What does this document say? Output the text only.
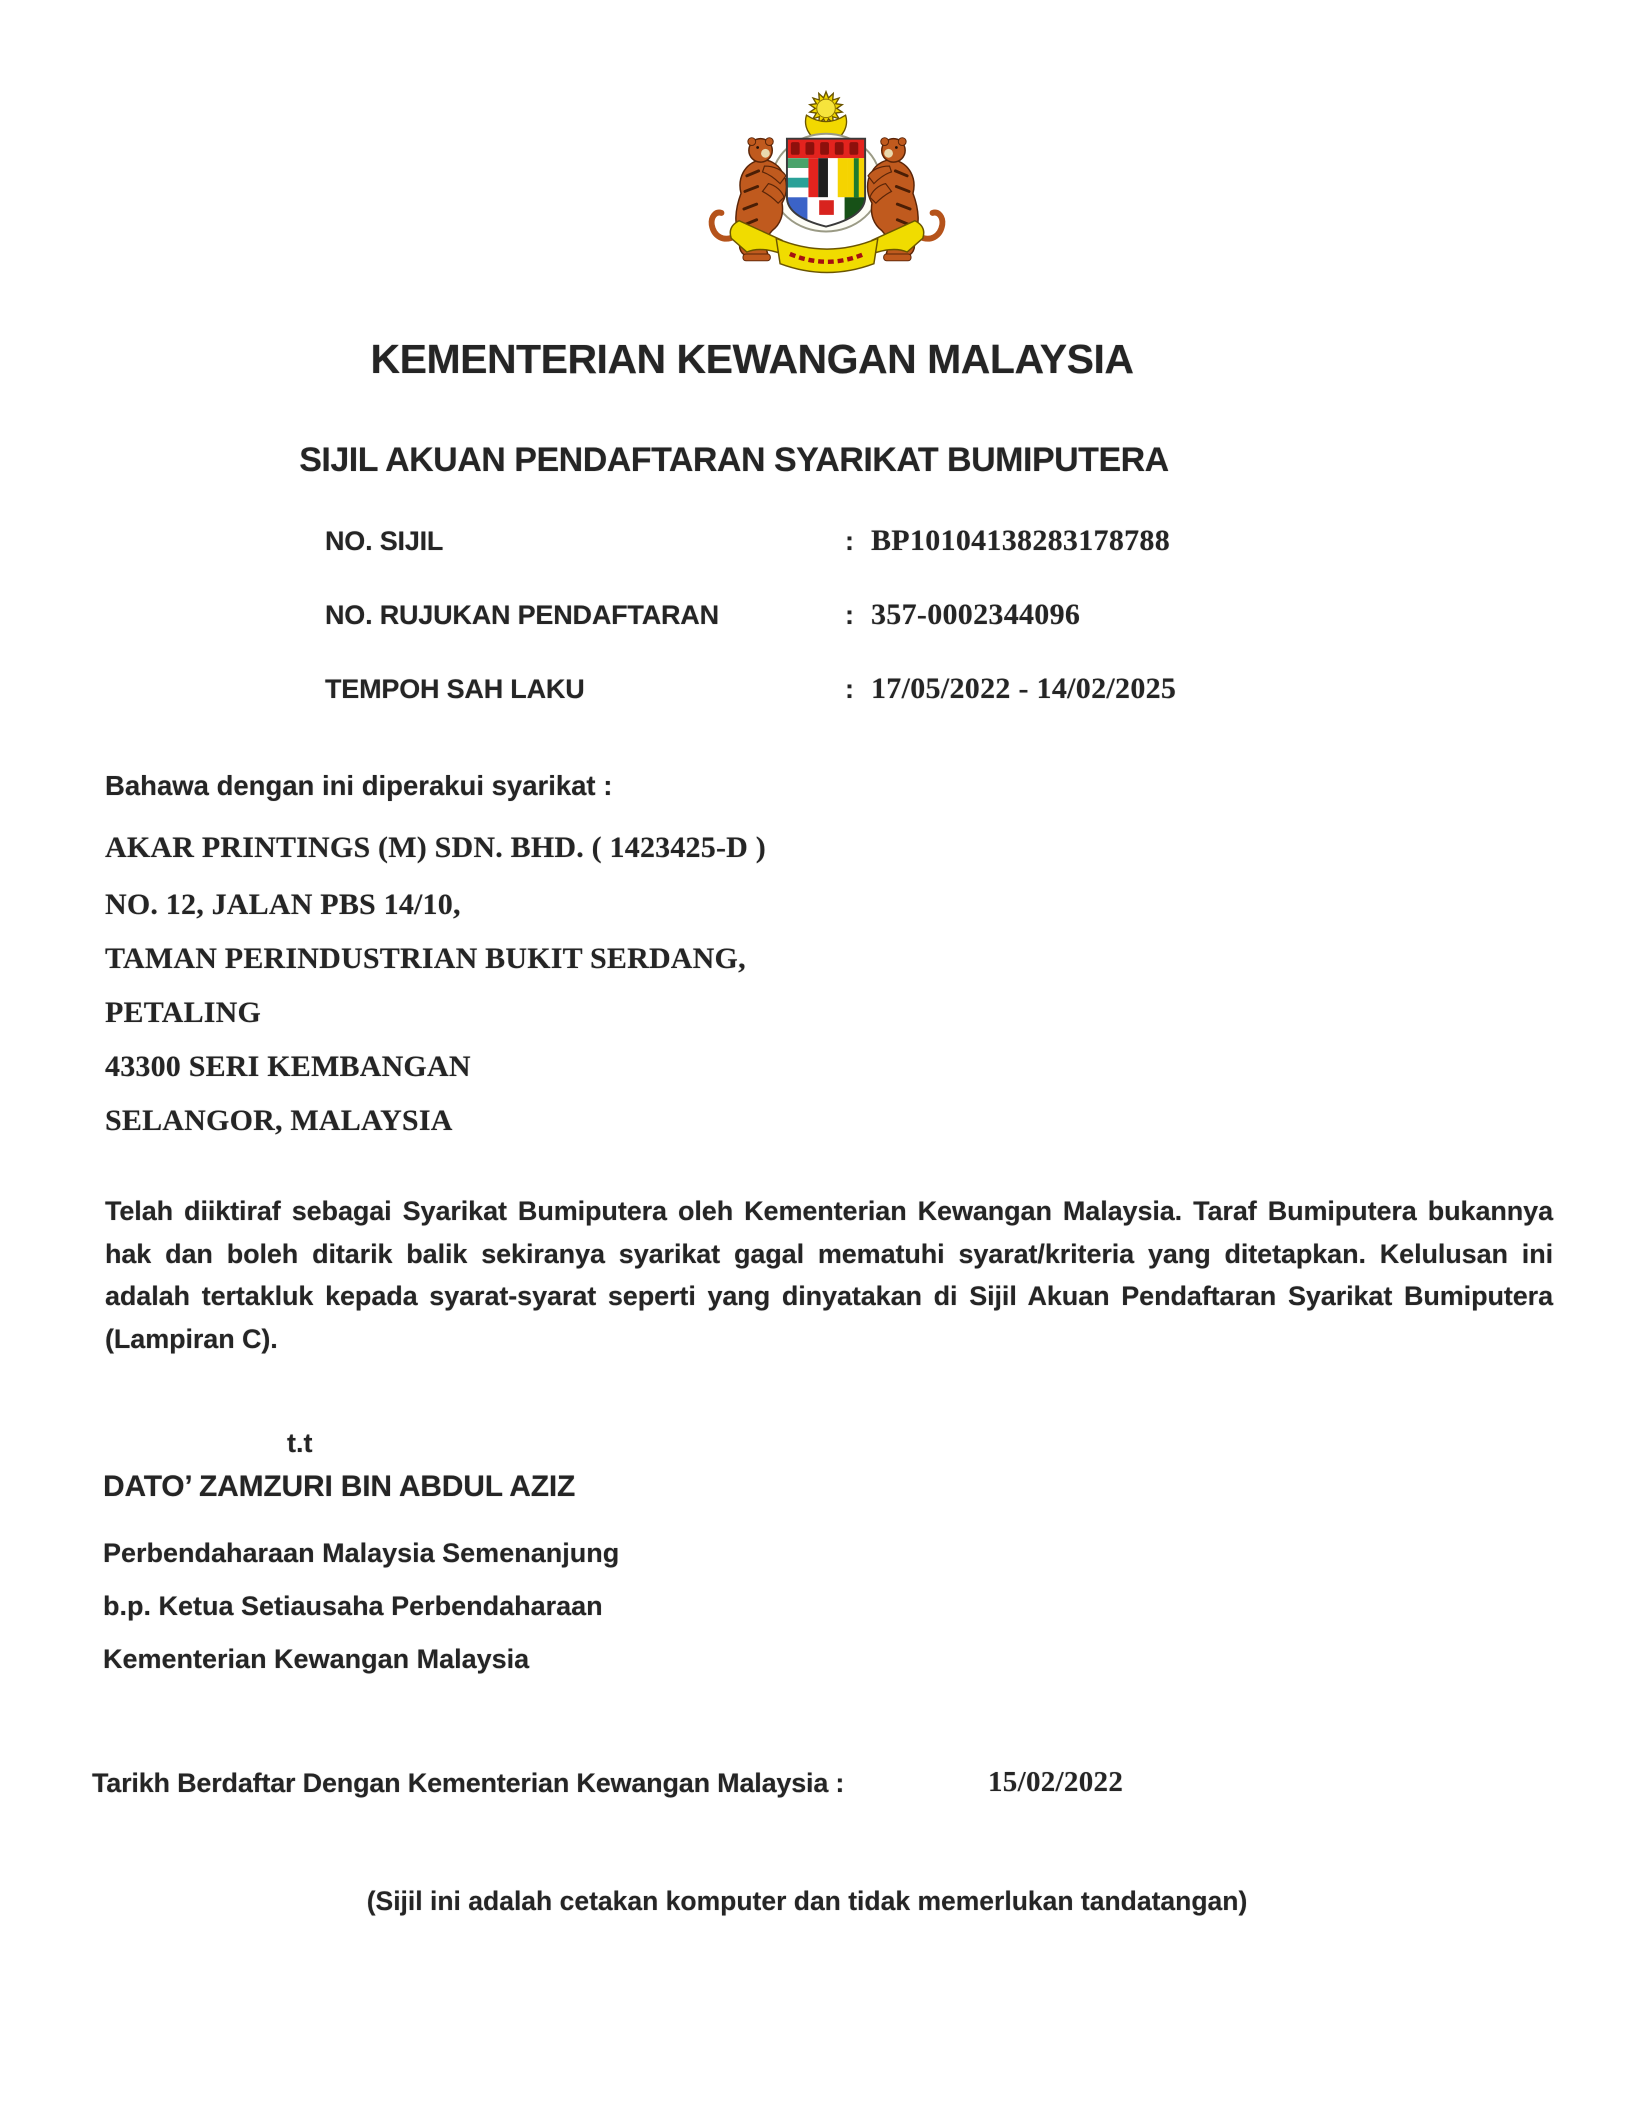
KEMENTERIAN KEWANGAN MALAYSIA
SIJIL AKUAN PENDAFTARAN SYARIKAT BUMIPUTERA
NO. SIJIL	: BP10104138283178788
NO. RUJUKAN PENDAFTARAN	: 357-0002344096
TEMPOH SAH LAKU	: 17/05/2022 - 14/02/2025
Bahawa dengan ini diperakui syarikat :
AKAR PRINTINGS (M) SDN. BHD. ( 1423425-D )
NO. 12, JALAN PBS 14/10,
TAMAN PERINDUSTRIAN BUKIT SERDANG,
PETALING
43300 SERI KEMBANGAN
SELANGOR, MALAYSIA
Telah diiktiraf sebagai Syarikat Bumiputera oleh Kementerian Kewangan Malaysia. Taraf Bumiputera bukannya hak dan boleh ditarik balik sekiranya syarikat gagal mematuhi syarat/kriteria yang ditetapkan. Kelulusan ini adalah tertakluk kepada syarat-syarat seperti yang dinyatakan di Sijil Akuan Pendaftaran Syarikat Bumiputera (Lampiran C).
t.t
DATO’ ZAMZURI BIN ABDUL AZIZ
Perbendaharaan Malaysia Semenanjung
b.p. Ketua Setiausaha Perbendaharaan
Kementerian Kewangan Malaysia
Tarikh Berdaftar Dengan Kementerian Kewangan Malaysia :	15/02/2022
(Sijil ini adalah cetakan komputer dan tidak memerlukan tandatangan)
